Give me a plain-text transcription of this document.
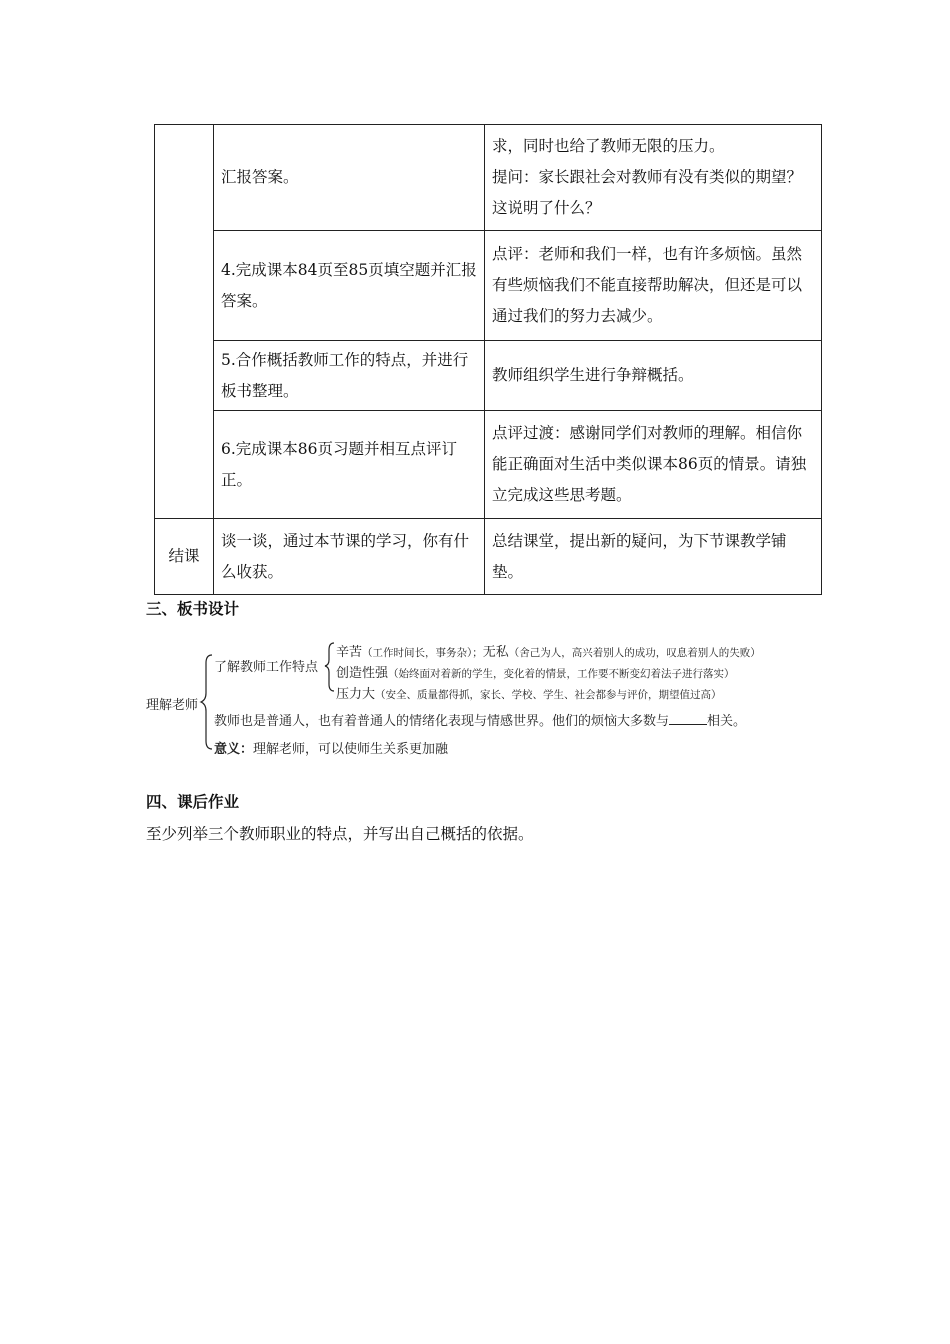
	汇报答案。	求，同时也给了教师无限的压力。
提问：家长跟社会对教师有没有类似的期望？这说明了什么？

	4.完成课本84页至85页填空题并汇报答案。	点评：老师和我们一样，也有许多烦恼。虽然有些烦恼我们不能直接帮助解决，但还是可以通过我们的努力去减少。
	5.合作概括教师工作的特点，并进行板书整理。	教师组织学生进行争辩概括。
	6.完成课本86页习题并相互点评订正。	点评过渡：感谢同学们对教师的理解。相信你能正确面对生活中类似课本86页的情景。请独立完成这些思考题。
结课	谈一谈，通过本节课的学习，你有什么收获。	总结课堂，提出新的疑问，为下节课教学铺垫。
三、板书设计
理解老师
了解教师工作特点
辛苦（工作时间长，事务杂）；无私（舍己为人，高兴着别人的成功，叹息着别人的失败）
创造性强（始终面对着新的学生，变化着的情景，工作要不断变幻着法子进行落实）
压力大（安全、质量都得抓，家长、学校、学生、社会都参与评价，期望值过高）
教师也是普通人，也有着普通人的情绪化表现与情感世界。他们的烦恼大多数与	相关。
意义：理解老师，可以使师生关系更加融
四、课后作业
至少列举三个教师职业的特点，并写出自己概括的依据。
